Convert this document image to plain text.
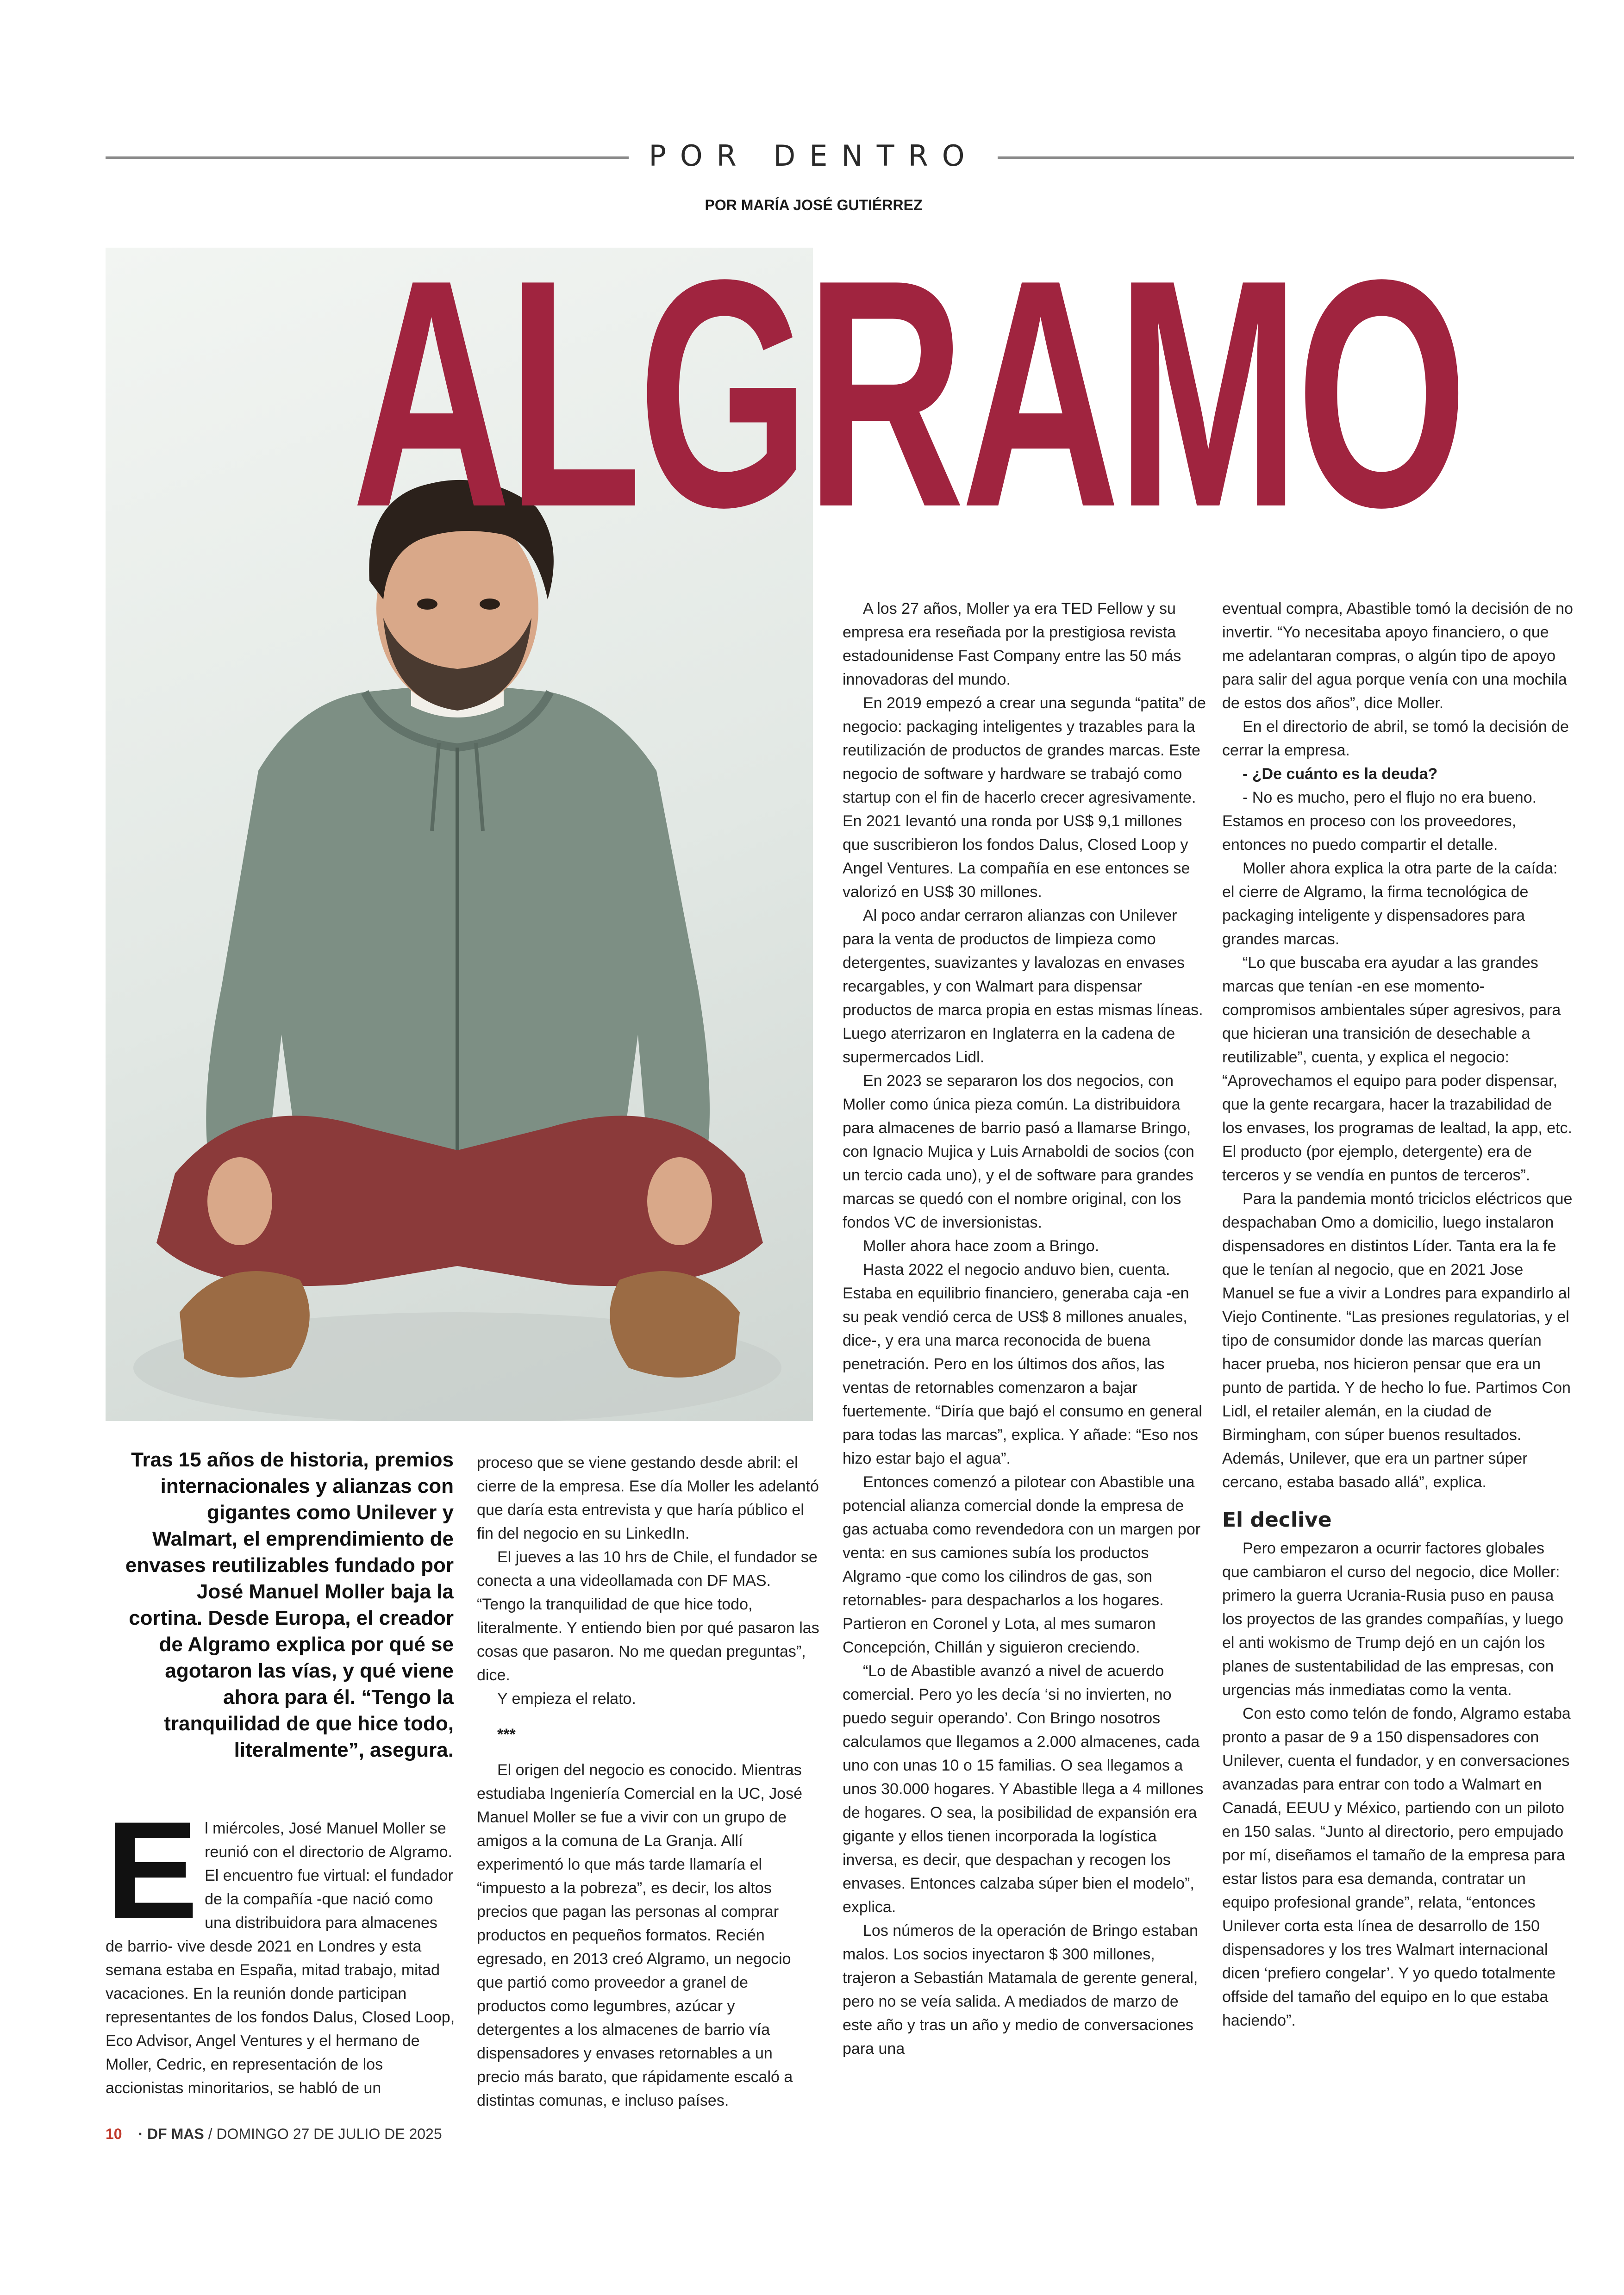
POR DENTRO
POR MARÍA JOSÉ GUTIÉRREZ
ALGRAMO

A los 27 años, Moller ya era TED Fellow y su empresa era reseñada por la prestigiosa revista estadounidense Fast Company entre las 50 más innovadoras del mundo.

En 2019 empezó a crear una segunda “patita” de negocio: packaging inteligentes y trazables para la reutilización de productos de grandes marcas. Este negocio de software y hardware se trabajó como startup con el fin de hacerlo crecer agresivamente. En 2021 levantó una ronda por US$ 9,1 millones que suscribieron los fondos Dalus, Closed Loop y Angel Ventures. La compañía en ese entonces se valorizó en US$ 30 millones.

Al poco andar cerraron alianzas con Unilever para la venta de productos de limpieza como detergentes, suavizantes y lavalozas en envases recargables, y con Walmart para dispensar productos de marca propia en estas mismas líneas. Luego aterrizaron en Inglaterra en la cadena de supermercados Lidl.

En 2023 se separaron los dos negocios, con Moller como única pieza común. La distribuidora para almacenes de barrio pasó a llamarse Bringo, con Ignacio Mujica y Luis Arnaboldi de socios (con un tercio cada uno), y el de software para grandes marcas se quedó con el nombre original, con los fondos VC de inversionistas.

Moller ahora hace zoom a Bringo.

Hasta 2022 el negocio anduvo bien, cuenta. Estaba en equilibrio financiero, generaba caja -en su peak vendió cerca de US$ 8 millones anuales, dice-, y era una marca reconocida de buena penetración. Pero en los últimos dos años, las ventas de retornables comenzaron a bajar fuertemente. “Diría que bajó el consumo en general para todas las marcas”, explica. Y añade: “Eso nos hizo estar bajo el agua”.

Entonces comenzó a pilotear con Abastible una potencial alianza comercial donde la empresa de gas actuaba como revendedora con un margen por venta: en sus camiones subía los productos Algramo -que como los cilindros de gas, son retornables- para despacharlos a los hogares. Partieron en Coronel y Lota, al mes sumaron Concepción, Chillán y siguieron creciendo.

“Lo de Abastible avanzó a nivel de acuerdo comercial. Pero yo les decía ‘si no invierten, no puedo seguir operando’. Con Bringo nosotros calculamos que llegamos a 2.000 almacenes, cada uno con unas 10 o 15 familias. O sea llegamos a unos 30.000 hogares. Y Abastible llega a 4 millones de hogares. O sea, la posibilidad de expansión era gigante y ellos tienen incorporada la logística inversa, es decir, que despachan y recogen los envases. Entonces calzaba súper bien el modelo”, explica.

Los números de la operación de Bringo estaban malos. Los socios inyectaron $ 300 millones, trajeron a Sebastián Matamala de gerente general, pero no se veía salida. A mediados de marzo de este año y tras un año y medio de conversaciones para una

eventual compra, Abastible tomó la decisión de no invertir. “Yo necesitaba apoyo financiero, o que me adelantaran compras, o algún tipo de apoyo para salir del agua porque venía con una mochila de estos dos años”, dice Moller.

En el directorio de abril, se tomó la decisión de cerrar la empresa.

- ¿De cuánto es la deuda?

- No es mucho, pero el flujo no era bueno. Estamos en proceso con los proveedores, entonces no puedo compartir el detalle.

Moller ahora explica la otra parte de la caída: el cierre de Algramo, la firma tecnológica de packaging inteligente y dispensadores para grandes marcas.

“Lo que buscaba era ayudar a las grandes marcas que tenían -en ese momento- compromisos ambientales súper agresivos, para que hicieran una transición de desechable a reutilizable”, cuenta, y explica el negocio: “Aprovechamos el equipo para poder dispensar, que la gente recargara, hacer la trazabilidad de los envases, los programas de lealtad, la app, etc. El producto (por ejemplo, detergente) era de terceros y se vendía en puntos de terceros”.

Para la pandemia montó triciclos eléctricos que despachaban Omo a domicilio, luego instalaron dispensadores en distintos Líder. Tanta era la fe que le tenían al negocio, que en 2021 Jose Manuel se fue a vivir a Londres para expandirlo al Viejo Continente. “Las presiones regulatorias, y el tipo de consumidor donde las marcas querían hacer prueba, nos hicieron pensar que era un punto de partida. Y de hecho lo fue. Partimos Con Lidl, el retailer alemán, en la ciudad de Birmingham, con súper buenos resultados. Además, Unilever, que era un partner súper cercano, estaba basado allá”, explica.

El declive

Pero empezaron a ocurrir factores globales que cambiaron el curso del negocio, dice Moller: primero la guerra Ucrania-Rusia puso en pausa los proyectos de las grandes compañías, y luego el anti wokismo de Trump dejó en un cajón los planes de sustentabilidad de las empresas, con urgencias más inmediatas como la venta.

Con esto como telón de fondo, Algramo estaba pronto a pasar de 9 a 150 dispensadores con Unilever, cuenta el fundador, y en conversaciones avanzadas para entrar con todo a Walmart en Canadá, EEUU y México, partiendo con un piloto en 150 salas. “Junto al directorio, pero empujado por mí, diseñamos el tamaño de la empresa para estar listos para esa demanda, contratar un equipo profesional grande”, relata, “entonces Unilever corta esta línea de desarrollo de 150 dispensadores y los tres Walmart internacional dicen ‘prefiero congelar’. Y yo quedo totalmente offside del tamaño del equipo en lo que estaba haciendo”.

Tras 15 años de historia, premios internacionales y alianzas con gigantes como Unilever y Walmart, el emprendimiento de envases reutilizables fundado por José Manuel Moller baja la cortina. Desde Europa, el creador de Algramo explica por qué se agotaron las vías, y qué viene ahora para él. “Tengo la tranquilidad de que hice todo, literalmente”, asegura.

proceso que se viene gestando desde abril: el cierre de la empresa. Ese día Moller les adelantó que daría esta entrevista y que haría público el fin del negocio en su LinkedIn.

El jueves a las 10 hrs de Chile, el fundador se conecta a una videollamada con DF MAS. “Tengo la tranquilidad de que hice todo, literalmente. Y entiendo bien por qué pasaron las cosas que pasaron. No me quedan preguntas”, dice.

Y empieza el relato.

***

El origen del negocio es conocido. Mientras estudiaba Ingeniería Comercial en la UC, José Manuel Moller se fue a vivir con un grupo de amigos a la comuna de La Granja. Allí experimentó lo que más tarde llamaría el “impuesto a la pobreza”, es decir, los altos precios que pagan las personas al comprar productos en pequeños formatos. Recién egresado, en 2013 creó Algramo, un negocio que partió como proveedor a granel de productos como legumbres, azúcar y detergentes a los almacenes de barrio vía dispensadores y envases retornables a un precio más barato, que rápidamente escaló a distintas comunas, e incluso países.

E l miércoles, José Manuel Moller se reunió con el directorio de Algramo. El encuentro fue virtual: el fundador de la compañía -que nació como una distribuidora para almacenes de barrio- vive desde 2021 en Londres y esta semana estaba en España, mitad trabajo, mitad vacaciones. En la reunión donde participan representantes de los fondos Dalus, Closed Loop, Eco Advisor, Angel Ventures y el hermano de Moller, Cedric, en representación de los accionistas minoritarios, se habló de un
10 · DF MAS / DOMINGO 27 DE JULIO DE 2025
